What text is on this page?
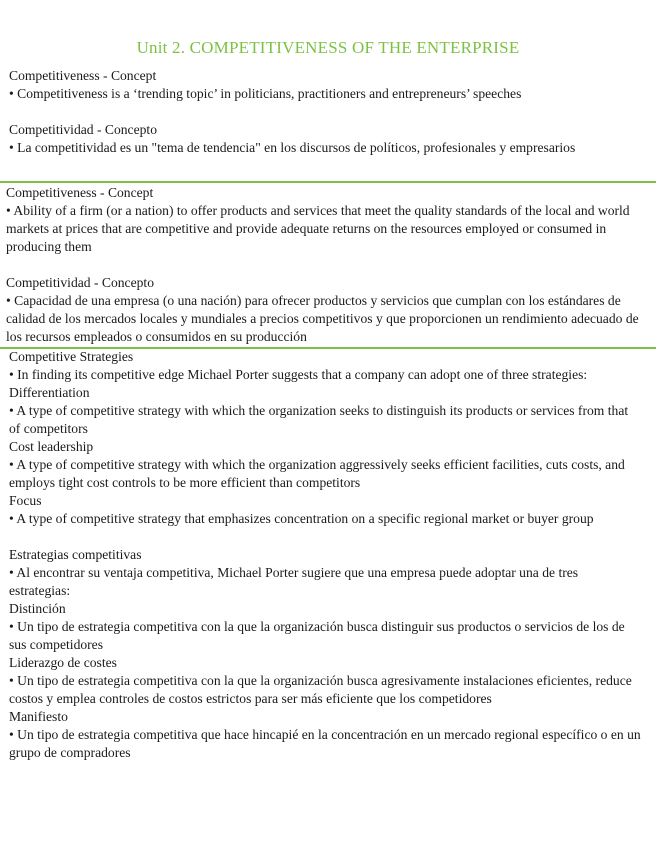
Unit 2. COMPETITIVENESS OF THE ENTERPRISE

Competitiveness - Concept

• Competitiveness is a ‘trending topic’ in politicians, practitioners and entrepreneurs’ speeches

Competitividad - Concepto

• La competitividad es un "tema de tendencia" en los discursos de políticos, profesionales y empresarios

Competitiveness - Concept

• Ability of a firm (or a nation) to offer products and services that meet the quality standards of the local and world markets at prices that are competitive and provide adequate returns on the resources employed or consumed in producing them

Competitividad - Concepto

• Capacidad de una empresa (o una nación) para ofrecer productos y servicios que cumplan con los estándares de calidad de los mercados locales y mundiales a precios competitivos y que proporcionen un rendimiento adecuado de los recursos empleados o consumidos en su producción

Competitive Strategies

• In finding its competitive edge Michael Porter suggests that a company can adopt one of three strategies:

Differentiation

• A type of competitive strategy with which the organization seeks to distinguish its products or services from that of competitors

Cost leadership

• A type of competitive strategy with which the organization aggressively seeks efficient facilities, cuts costs, and employs tight cost controls to be more efficient than competitors

Focus

• A type of competitive strategy that emphasizes concentration on a specific regional market or buyer group

Estrategias competitivas

• Al encontrar su ventaja competitiva, Michael Porter sugiere que una empresa puede adoptar una de tres estrategias:

Distinción

• Un tipo de estrategia competitiva con la que la organización busca distinguir sus productos o servicios de los de sus competidores

Liderazgo de costes

• Un tipo de estrategia competitiva con la que la organización busca agresivamente instalaciones eficientes, reduce costos y emplea controles de costos estrictos para ser más eficiente que los competidores

Manifiesto

• Un tipo de estrategia competitiva que hace hincapié en la concentración en un mercado regional específico o en un grupo de compradores
